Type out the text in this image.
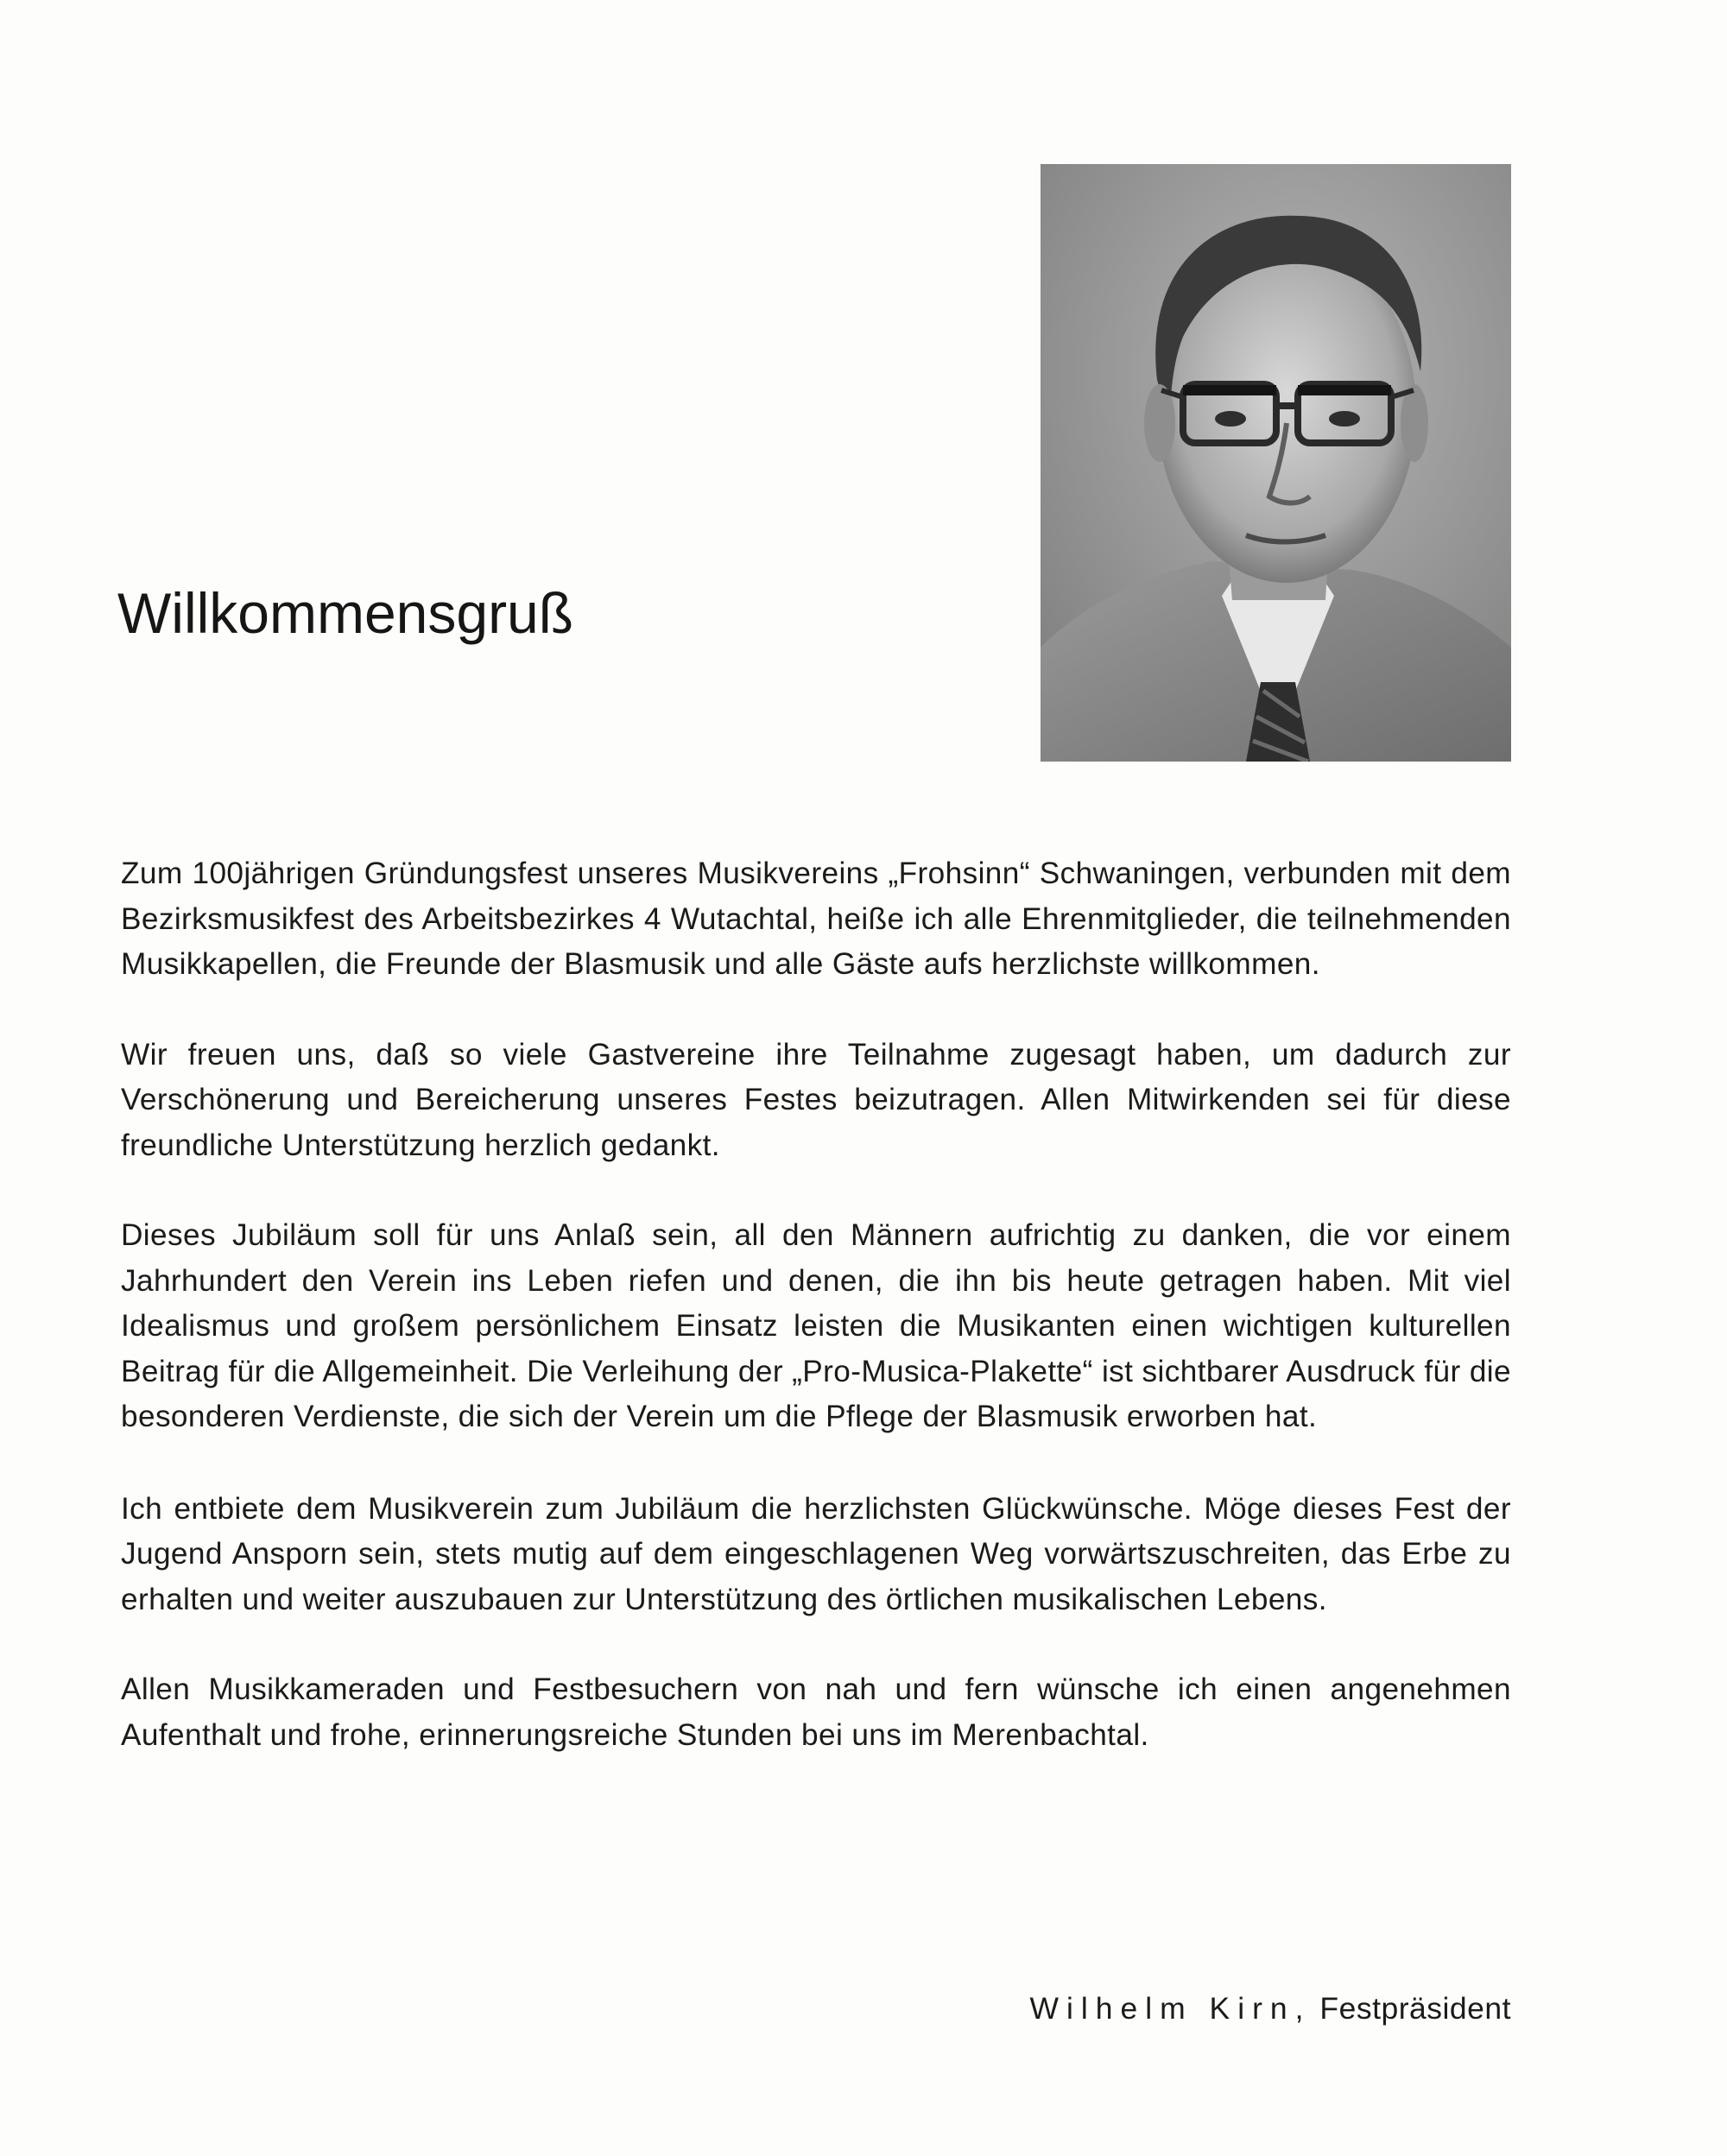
Willkommensgruß

Zum 100jährigen Gründungsfest unseres Musikvereins „Frohsinn“ Schwaningen, verbunden mit dem Bezirksmusikfest des Arbeitsbezirkes 4 Wutachtal, heiße ich alle Ehrenmitglieder, die teilnehmenden Musikkapellen, die Freunde der Blasmusik und alle Gäste aufs herzlichste willkommen.

Wir freuen uns, daß so viele Gastvereine ihre Teilnahme zugesagt haben, um dadurch zur Verschönerung und Bereicherung unseres Festes beizutragen. Allen Mitwirkenden sei für diese freundliche Unterstützung herzlich gedankt.

Dieses Jubiläum soll für uns Anlaß sein, all den Männern aufrichtig zu danken, die vor einem Jahrhundert den Verein ins Leben riefen und denen, die ihn bis heute getragen haben. Mit viel Idealismus und großem persönlichem Einsatz leisten die Musikanten einen wichtigen kulturellen Beitrag für die Allgemeinheit. Die Verleihung der „Pro-Musica-Plakette“ ist sichtbarer Ausdruck für die besonderen Verdienste, die sich der Verein um die Pflege der Blasmusik erworben hat.

Ich entbiete dem Musikverein zum Jubiläum die herzlichsten Glückwünsche. Möge dieses Fest der Jugend Ansporn sein, stets mutig auf dem eingeschlagenen Weg vorwärtszuschreiten, das Erbe zu erhalten und weiter auszubauen zur Unterstützung des örtlichen musikalischen Lebens.

Allen Musikkameraden und Festbesuchern von nah und fern wünsche ich einen angenehmen Aufenthalt und frohe, erinnerungsreiche Stunden bei uns im Merenbachtal.

Wilhelm Kirn, Festpräsident
